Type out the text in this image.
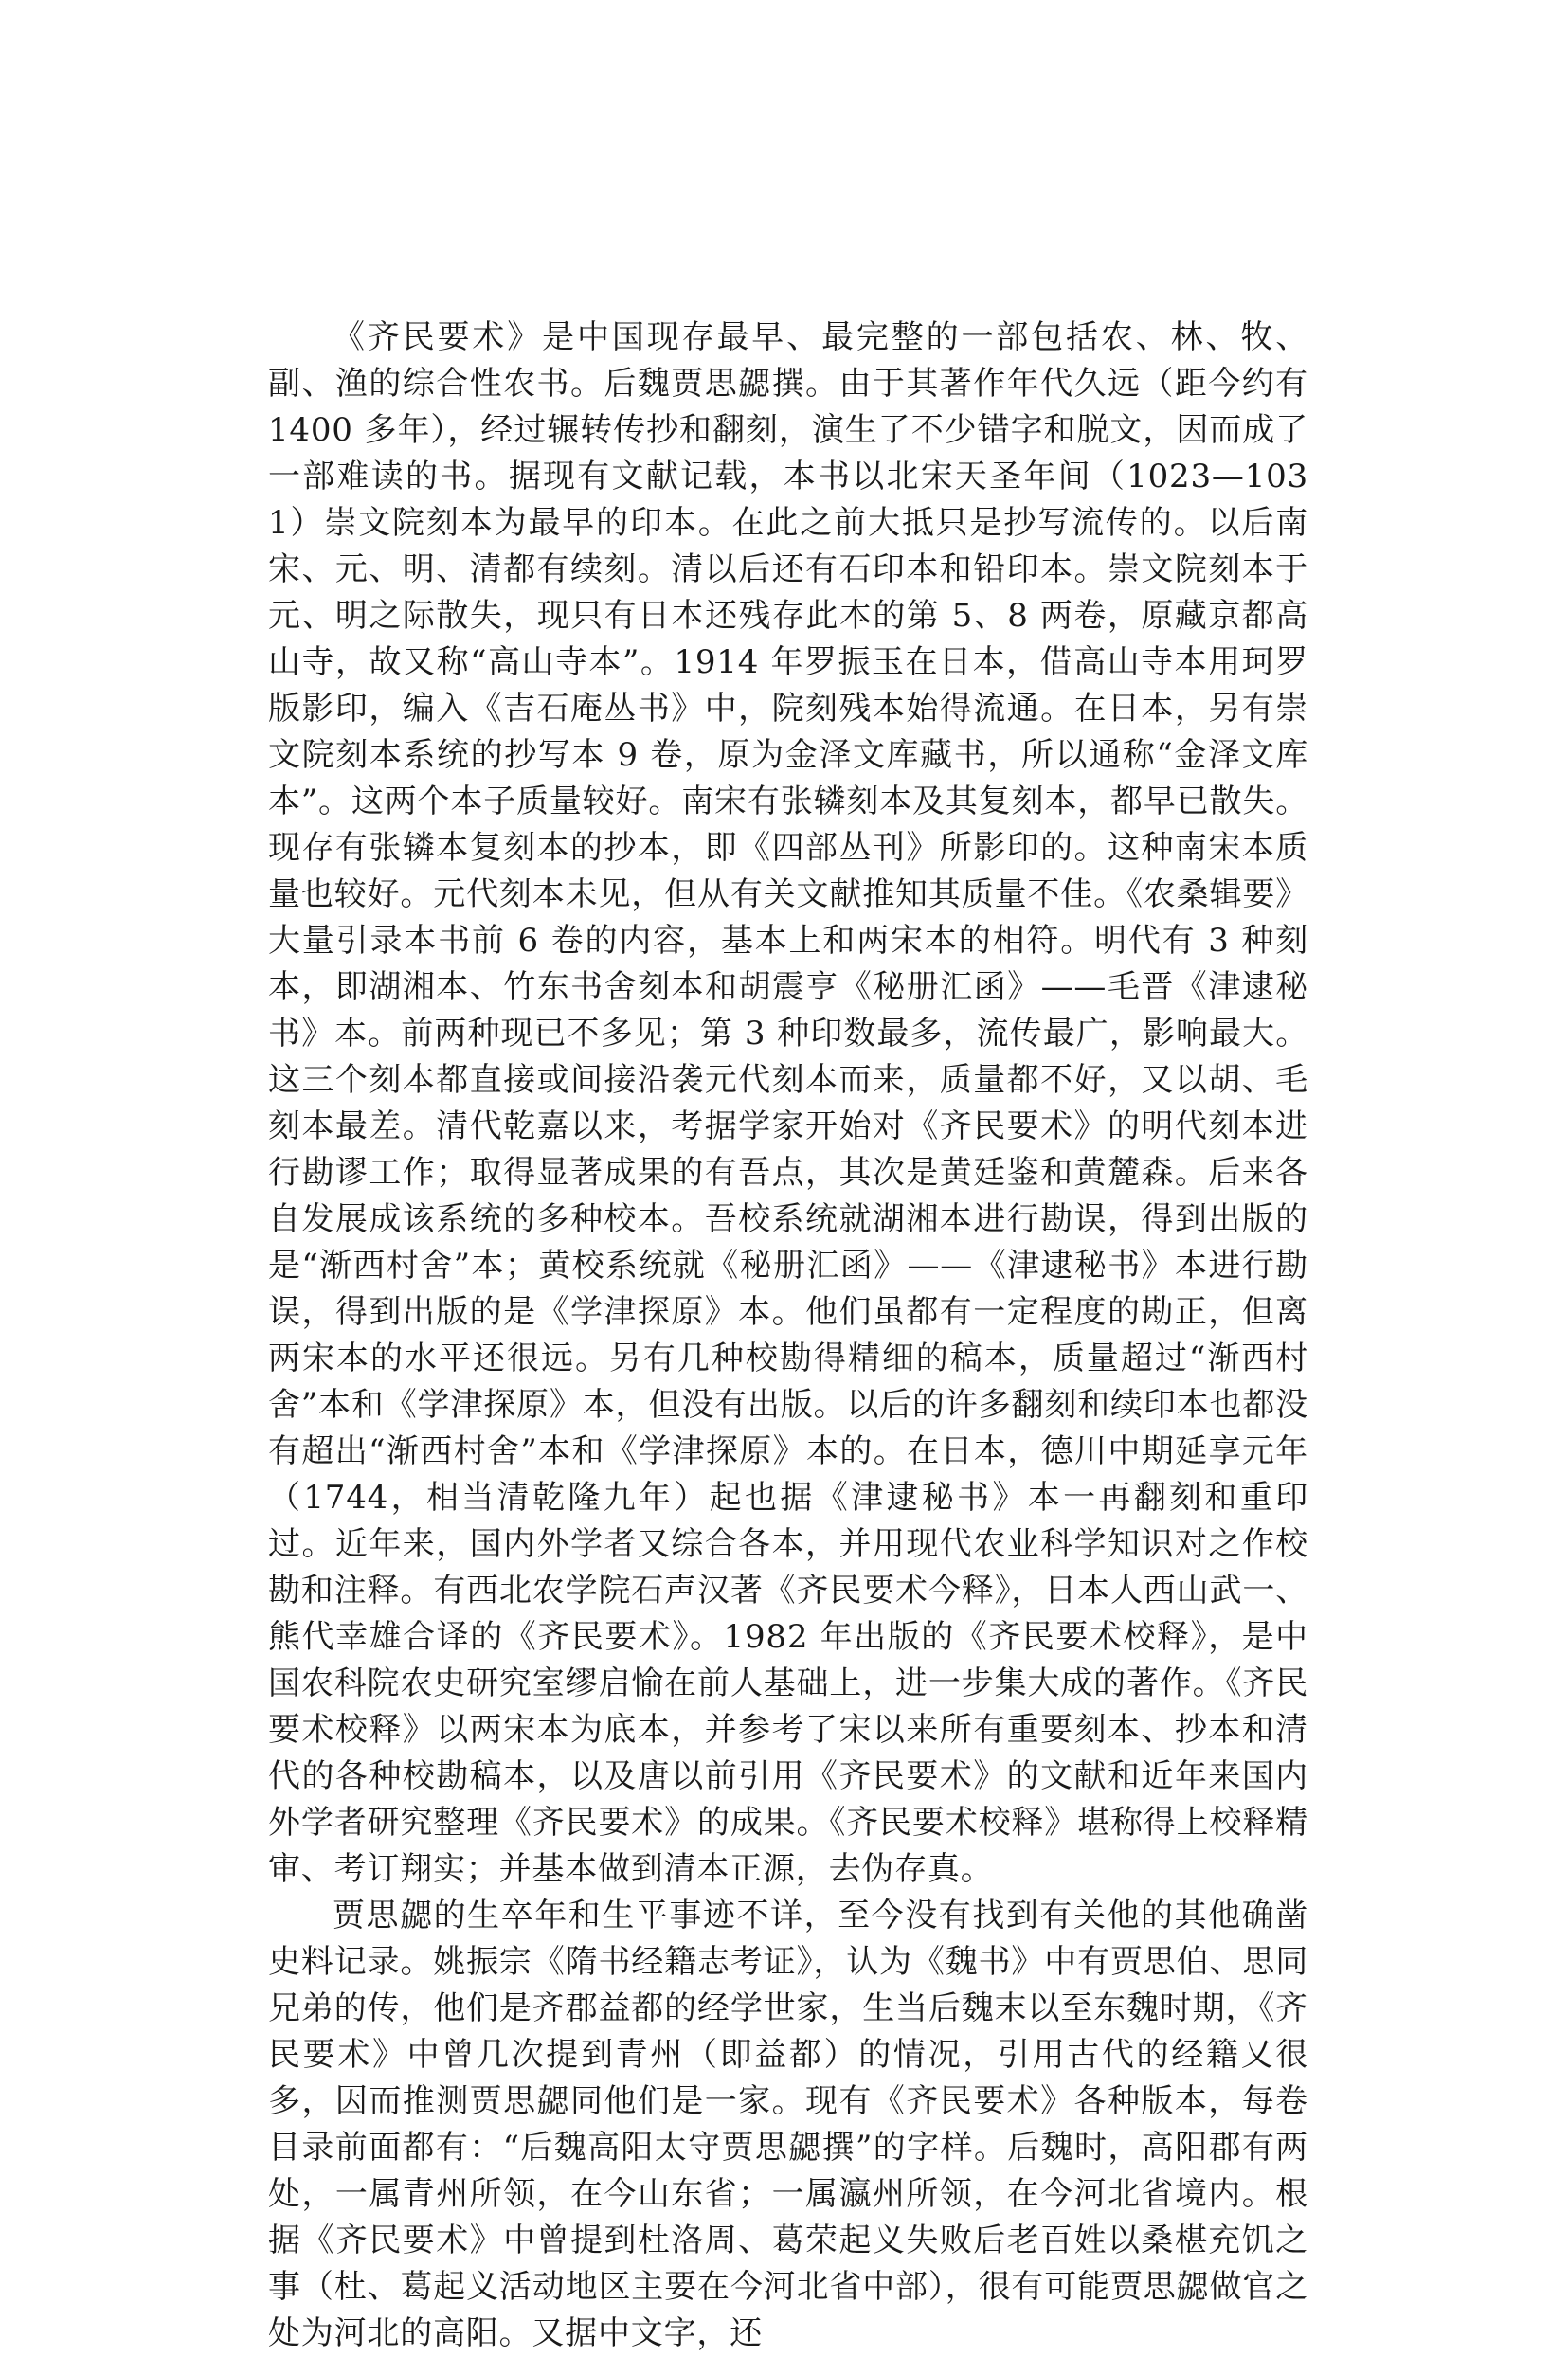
《齐民要术》是中国现存最早、最完整的一部包括农、林、牧、副、渔的综合性农书。后魏贾思勰撰。由于其著作年代久远（距今约有 1400 多年），经过辗转传抄和翻刻，演生了不少错字和脱文，因而成了一部难读的书。据现有文献记载，本书以北宋天圣年间（1023—1031）崇文院刻本为最早的印本。在此之前大抵只是抄写流传的。以后南宋、元、明、清都有续刻。清以后还有石印本和铅印本。崇文院刻本于元、明之际散失，现只有日本还残存此本的第 5、8 两卷，原藏京都高山寺，故又称“高山寺本”。1914 年罗振玉在日本，借高山寺本用珂罗版影印，编入《吉石庵丛书》中，院刻残本始得流通。在日本，另有崇文院刻本系统的抄写本 9 卷，原为金泽文库藏书，所以通称“金泽文库本”。这两个本子质量较好。南宋有张辚刻本及其复刻本，都早已散失。现存有张辚本复刻本的抄本，即《四部丛刊》所影印的。这种南宋本质量也较好。元代刻本未见，但从有关文献推知其质量不佳。《农桑辑要》大量引录本书前 6 卷的内容，基本上和两宋本的相符。明代有 3 种刻本，即湖湘本、竹东书舍刻本和胡震亨《秘册汇函》——毛晋《津逮秘书》本。前两种现已不多见；第 3 种印数最多，流传最广，影响最大。这三个刻本都直接或间接沿袭元代刻本而来，质量都不好，又以胡、毛刻本最差。清代乾嘉以来，考据学家开始对《齐民要术》的明代刻本进行勘谬工作；取得显著成果的有吾点，其次是黄廷鉴和黄麓森。后来各自发展成该系统的多种校本。吾校系统就湖湘本进行勘误，得到出版的是“渐西村舍”本；黄校系统就《秘册汇函》——《津逮秘书》本进行勘误，得到出版的是《学津探原》本。他们虽都有一定程度的勘正，但离两宋本的水平还很远。另有几种校勘得精细的稿本，质量超过“渐西村舍”本和《学津探原》本，但没有出版。以后的许多翻刻和续印本也都没有超出“渐西村舍”本和《学津探原》本的。在日本，德川中期延享元年（1744，相当清乾隆九年）起也据《津逮秘书》本一再翻刻和重印过。近年来，国内外学者又综合各本，并用现代农业科学知识对之作校勘和注释。有西北农学院石声汉著《齐民要术今释》，日本人西山武一、熊代幸雄合译的《齐民要术》。1982 年出版的《齐民要术校释》，是中国农科院农史研究室缪启愉在前人基础上，进一步集大成的著作。《齐民要术校释》以两宋本为底本，并参考了宋以来所有重要刻本、抄本和清代的各种校勘稿本，以及唐以前引用《齐民要术》的文献和近年来国内外学者研究整理《齐民要术》的成果。《齐民要术校释》堪称得上校释精审、考订翔实；并基本做到清本正源，去伪存真。

贾思勰的生卒年和生平事迹不详，至今没有找到有关他的其他确凿史料记录。姚振宗《隋书经籍志考证》，认为《魏书》中有贾思伯、思同兄弟的传，他们是齐郡益都的经学世家，生当后魏末以至东魏时期，《齐民要术》中曾几次提到青州（即益都）的情况，引用古代的经籍又很多，因而推测贾思勰同他们是一家。现有《齐民要术》各种版本，每卷目录前面都有：“后魏高阳太守贾思勰撰”的字样。后魏时，高阳郡有两处，一属青州所领，在今山东省；一属瀛州所领，在今河北省境内。根据《齐民要术》中曾提到杜洛周、葛荣起义失败后老百姓以桑椹充饥之事（杜、葛起义活动地区主要在今河北省中部），很有可能贾思勰做官之处为河北的高阳。又据中文字，还
